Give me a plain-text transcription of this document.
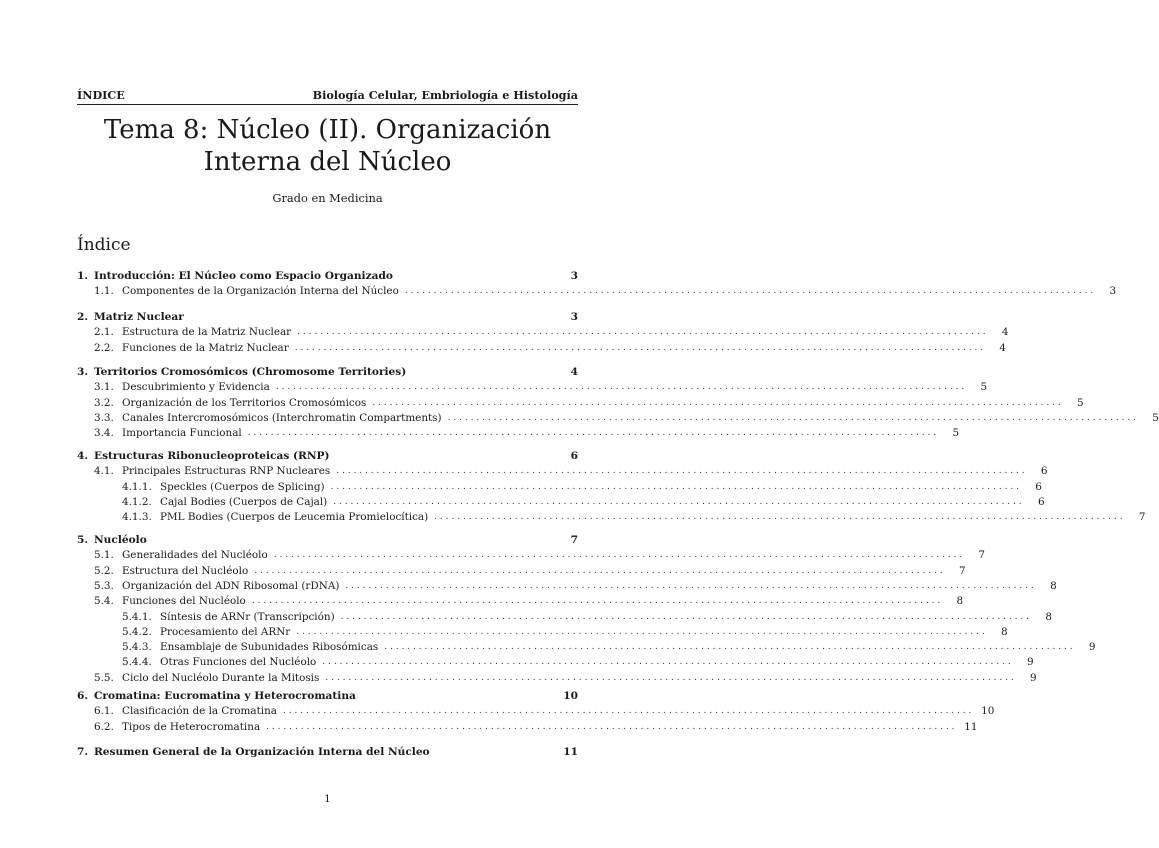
ÍNDICE	Biología Celular, Embriología e Histología
Tema 8: Núcleo (II). Organización
Interna del Núcleo
Grado en Medicina
Índice
1. Introducción: El Núcleo como Espacio Organizado	3
1.1. Componentes de la Organización Interna del Núcleo ........................................................................................................................	3
2. Matriz Nuclear	3
2.1. Estructura de la Matriz Nuclear ........................................................................................................................	4
2.2. Funciones de la Matriz Nuclear ........................................................................................................................	4
3. Territorios Cromosómicos (Chromosome Territories)	4
3.1. Descubrimiento y Evidencia ........................................................................................................................	5
3.2. Organización de los Territorios Cromosómicos ........................................................................................................................	5
3.3. Canales Intercromosómicos (Interchromatin Compartments) ........................................................................................................................	5
3.4. Importancia Funcional ........................................................................................................................	5
4. Estructuras Ribonucleoproteicas (RNP)	6
4.1. Principales Estructuras RNP Nucleares ........................................................................................................................	6
4.1.1. Speckles (Cuerpos de Splicing) ........................................................................................................................	6
4.1.2. Cajal Bodies (Cuerpos de Cajal) ........................................................................................................................	6
4.1.3. PML Bodies (Cuerpos de Leucemia Promielocítica) ........................................................................................................................	7
5. Nucléolo	7
5.1. Generalidades del Nucléolo ........................................................................................................................	7
5.2. Estructura del Nucléolo ........................................................................................................................	7
5.3. Organización del ADN Ribosomal (rDNA) ........................................................................................................................	8
5.4. Funciones del Nucléolo ........................................................................................................................	8
5.4.1. Síntesis de ARNr (Transcripción) ........................................................................................................................	8
5.4.2. Procesamiento del ARNr ........................................................................................................................	8
5.4.3. Ensamblaje de Subunidades Ribosómicas ........................................................................................................................	9
5.4.4. Otras Funciones del Nucléolo ........................................................................................................................	9
5.5. Ciclo del Nucléolo Durante la Mitosis ........................................................................................................................	9
6. Cromatina: Eucromatina y Heterocromatina	10
6.1. Clasificación de la Cromatina ........................................................................................................................ 10
6.2. Tipos de Heterocromatina ........................................................................................................................ 11
7. Resumen General de la Organización Interna del Núcleo	11
1
